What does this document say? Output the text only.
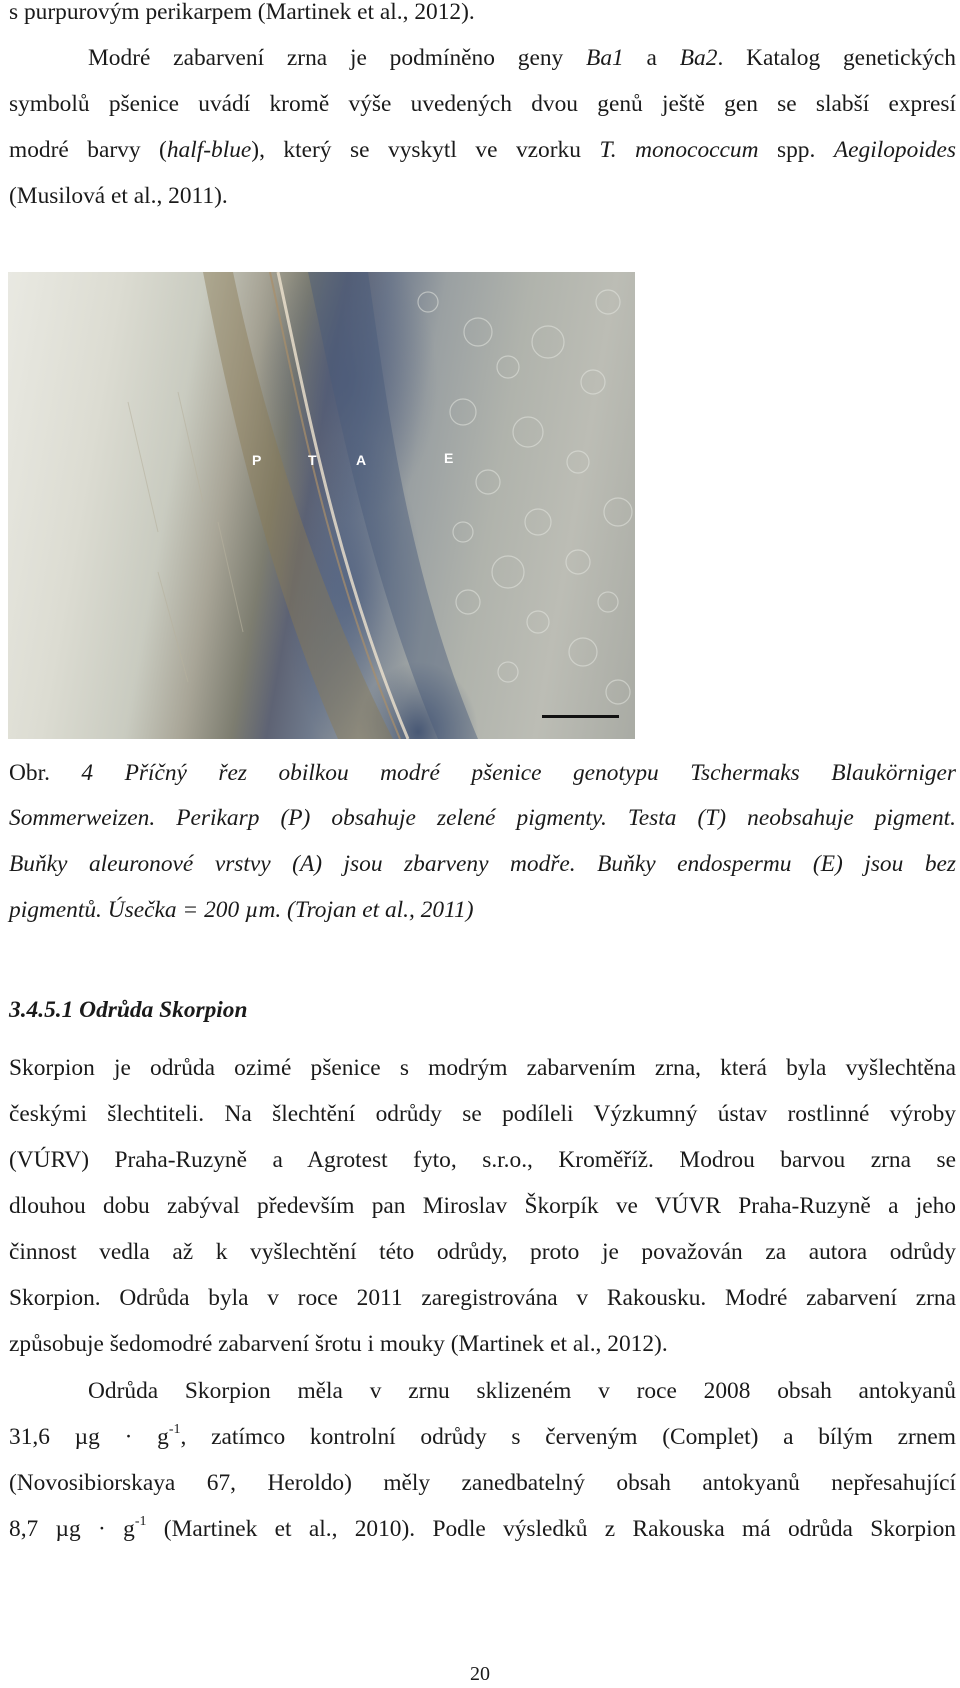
s purpurovým perikarpem (Martinek et al., 2012).
Modré zabarvení zrna je podmíněno geny Ba1 a Ba2. Katalog genetických
symbolů pšenice uvádí kromě výše uvedených dvou genů ještě gen se slabší expresí
modré barvy (half-blue), který se vyskytl ve vzorku T. monococcum spp. Aegilopoides
(Musilová et al., 2011).
P	T	A	E
Obr. 4 Příčný řez obilkou modré pšenice genotypu Tschermaks Blaukörniger
Sommerweizen. Perikarp (P) obsahuje zelené pigmenty. Testa (T) neobsahuje pigment.
Buňky aleuronové vrstvy (A) jsou zbarveny modře. Buňky endospermu (E) jsou bez
pigmentů. Úsečka = 200 µm. (Trojan et al., 2011)
3.4.5.1 Odrůda Skorpion
Skorpion je odrůda ozimé pšenice s modrým zabarvením zrna, která byla vyšlechtěna
českými šlechtiteli. Na šlechtění odrůdy se podíleli Výzkumný ústav rostlinné výroby
(VÚRV) Praha-Ruzyně a Agrotest fyto, s.r.o., Kroměříž. Modrou barvou zrna se
dlouhou dobu zabýval především pan Miroslav Škorpík ve VÚVR Praha-Ruzyně a jeho
činnost vedla až k vyšlechtění této odrůdy, proto je považován za autora odrůdy
Skorpion. Odrůda byla v roce 2011 zaregistrována v Rakousku. Modré zabarvení zrna
způsobuje šedomodré zabarvení šrotu i mouky (Martinek et al., 2012).
Odrůda Skorpion měla v zrnu sklizeném v roce 2008 obsah antokyanů
31,6 $\mu g \cdot g^{-1}$, zatímco kontrolní odrůdy s červeným (Complet) a bílým zrnem
(Novosibiorskaya 67, Heroldo) měly zanedbatelný obsah antokyanů nepřesahující
8,7 $\mu g \cdot g^{-1}$ (Martinek et al., 2010). Podle výsledků z Rakouska má odrůda Skorpion
20
